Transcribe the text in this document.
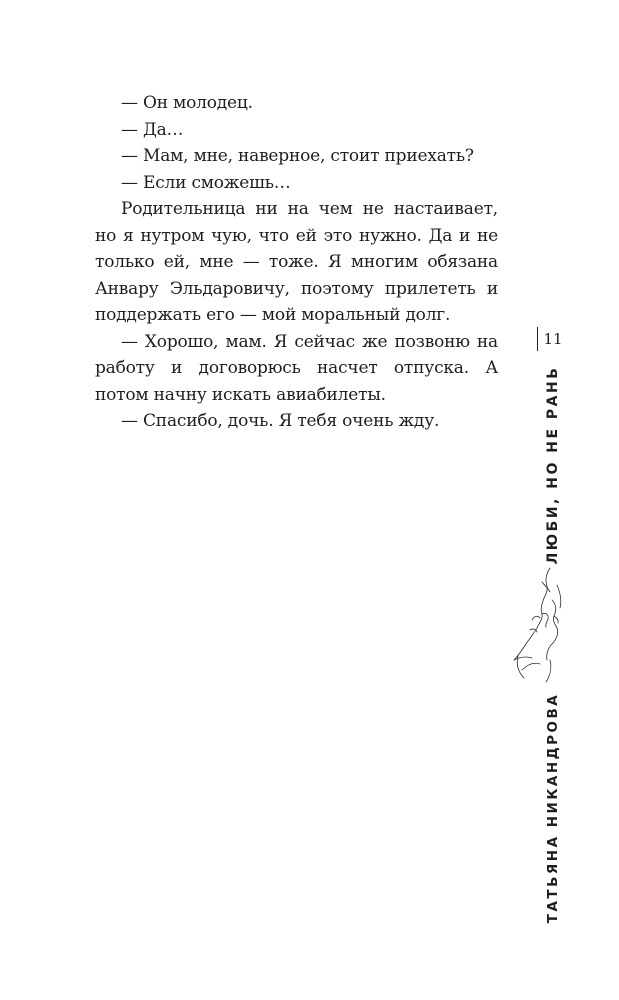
— Он молодец.

— Да…

— Мам, мне, наверное, стоит приехать?

— Если сможешь…

Родительница ни на чем не настаивает, но я нутром чую, что ей это нужно. Да и не только ей, мне — тоже. Я многим обязана Анвару Эльдаровичу, поэтому прилететь и поддержать его — мой моральный долг.

— Хорошо, мам. Я сейчас же позвоню на работу и договорюсь насчет отпуска. А потом начну искать авиабилеты.

— Спасибо, дочь. Я тебя очень жду.

11
ЛЮБИ, НО НЕ РАНЬ
ТАТЬЯНА НИКАНДРОВА
